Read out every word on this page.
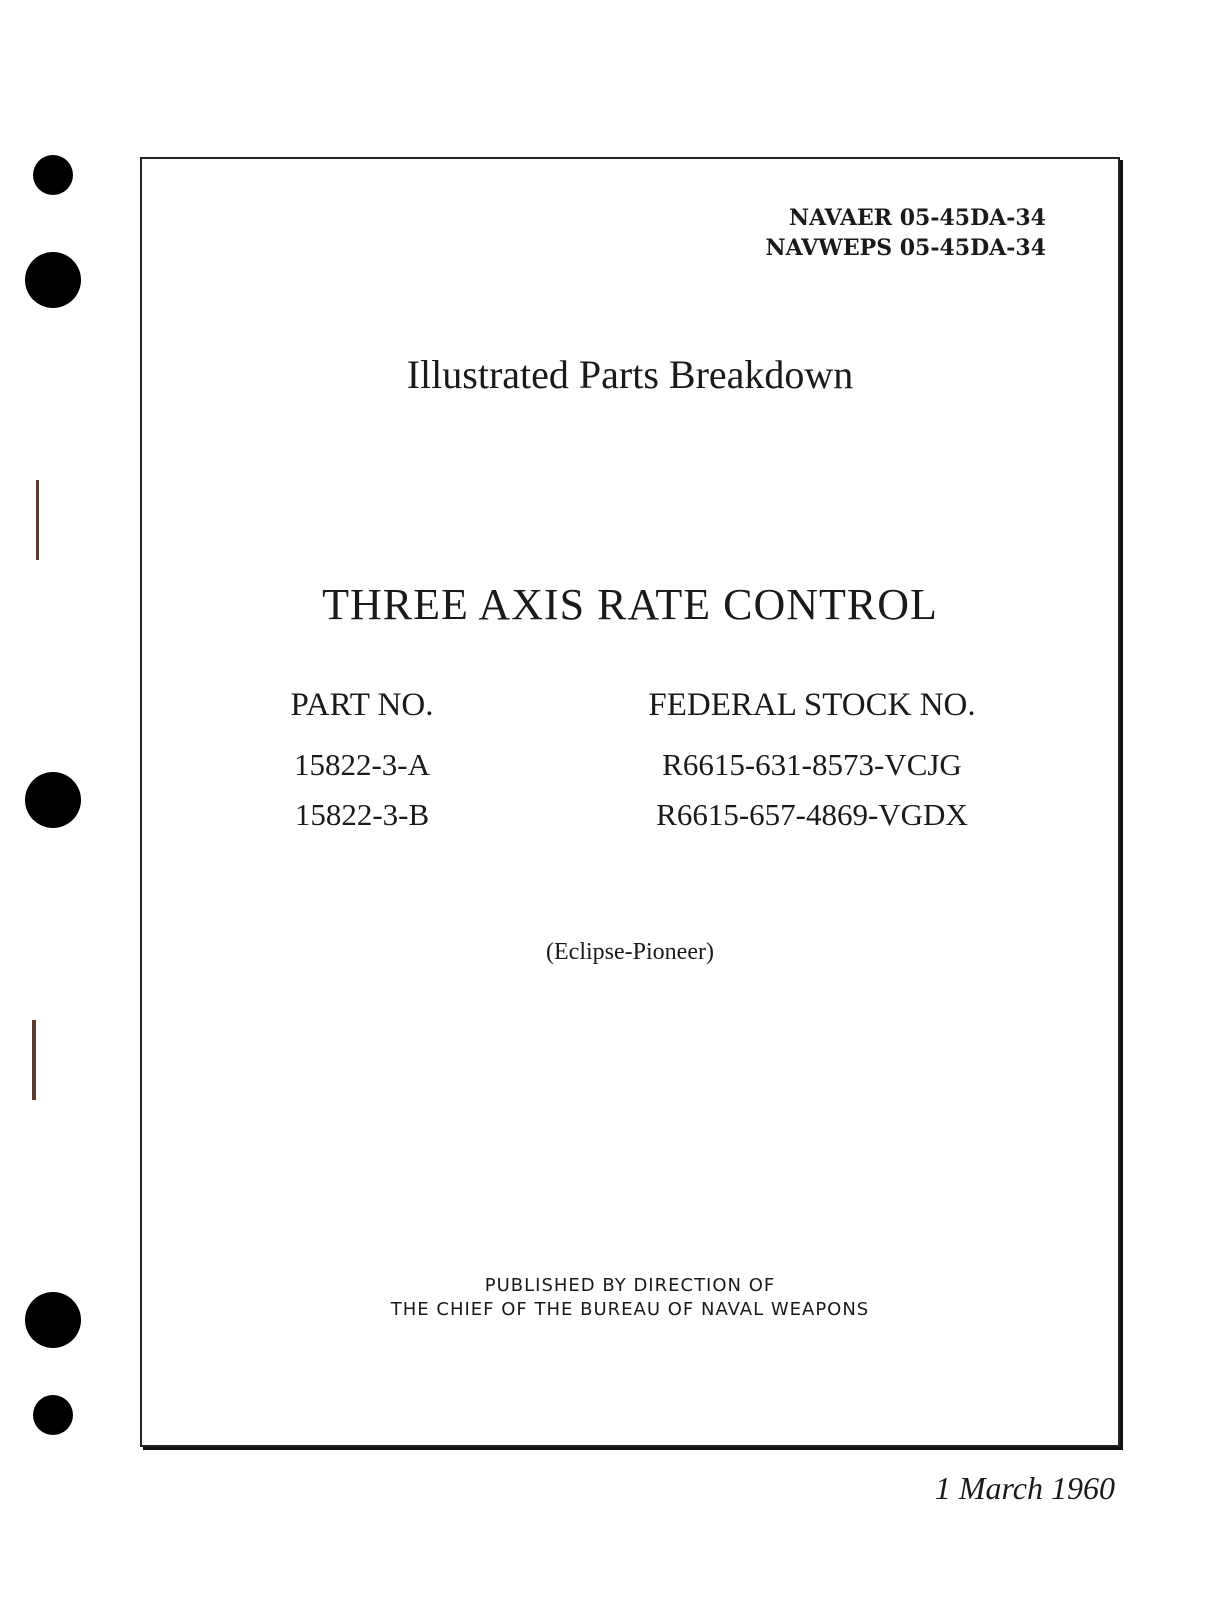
NAVAER 05-45DA-34
NAVWEPS 05-45DA-34
Illustrated Parts Breakdown
THREE AXIS RATE CONTROL
PART NO.
15822-3-A
15822-3-B
FEDERAL STOCK NO.
R6615-631-8573-VCJG
R6615-657-4869-VGDX
(Eclipse-Pioneer)
PUBLISHED BY DIRECTION OF
THE CHIEF OF THE BUREAU OF NAVAL WEAPONS
1 March 1960
